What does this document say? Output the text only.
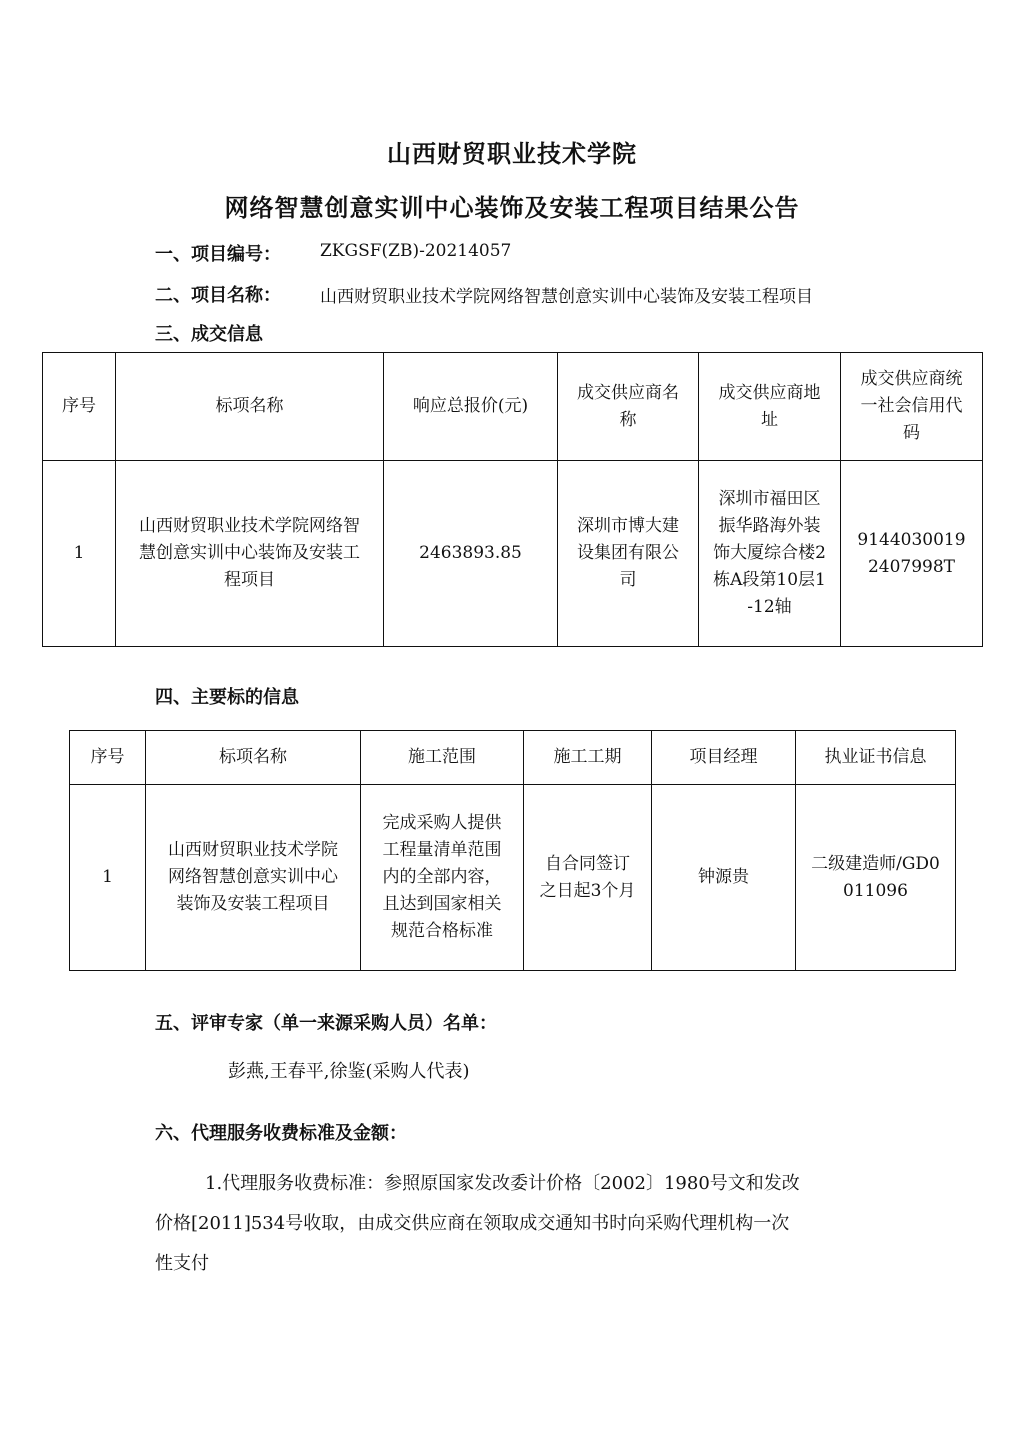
山西财贸职业技术学院
网络智慧创意实训中心装饰及安装工程项目结果公告
一、项目编号： ZKGSF(ZB)-20214057
二、项目名称： 山西财贸职业技术学院网络智慧创意实训中心装饰及安装工程项目
三、成交信息
序号	标项名称	响应总报价(元)	成交供应商名称	成交供应商地址	成交供应商统一社会信用代码
1	山西财贸职业技术学院网络智慧创意实训中心装饰及安装工程项目	2463893.85	深圳市博大建设集团有限公司	深圳市福田区振华路海外装饰大厦综合楼2栋A段第10层1-12轴	91440300192407998T
四、主要标的信息
序号	标项名称	施工范围	施工工期	项目经理	执业证书信息
1	山西财贸职业技术学院网络智慧创意实训中心装饰及安装工程项目	完成采购人提供工程量清单范围内的全部内容，且达到国家相关规范合格标准	自合同签订之日起3个月	钟源贵	二级建造师/GD0011096
五、评审专家（单一来源采购人员）名单：
彭燕,王春平,徐鉴(采购人代表)
六、代理服务收费标准及金额：
1.代理服务收费标准：参照原国家发改委计价格〔2002〕1980号文和发改
价格[2011]534号收取，由成交供应商在领取成交通知书时向采购代理机构一次
性支付
